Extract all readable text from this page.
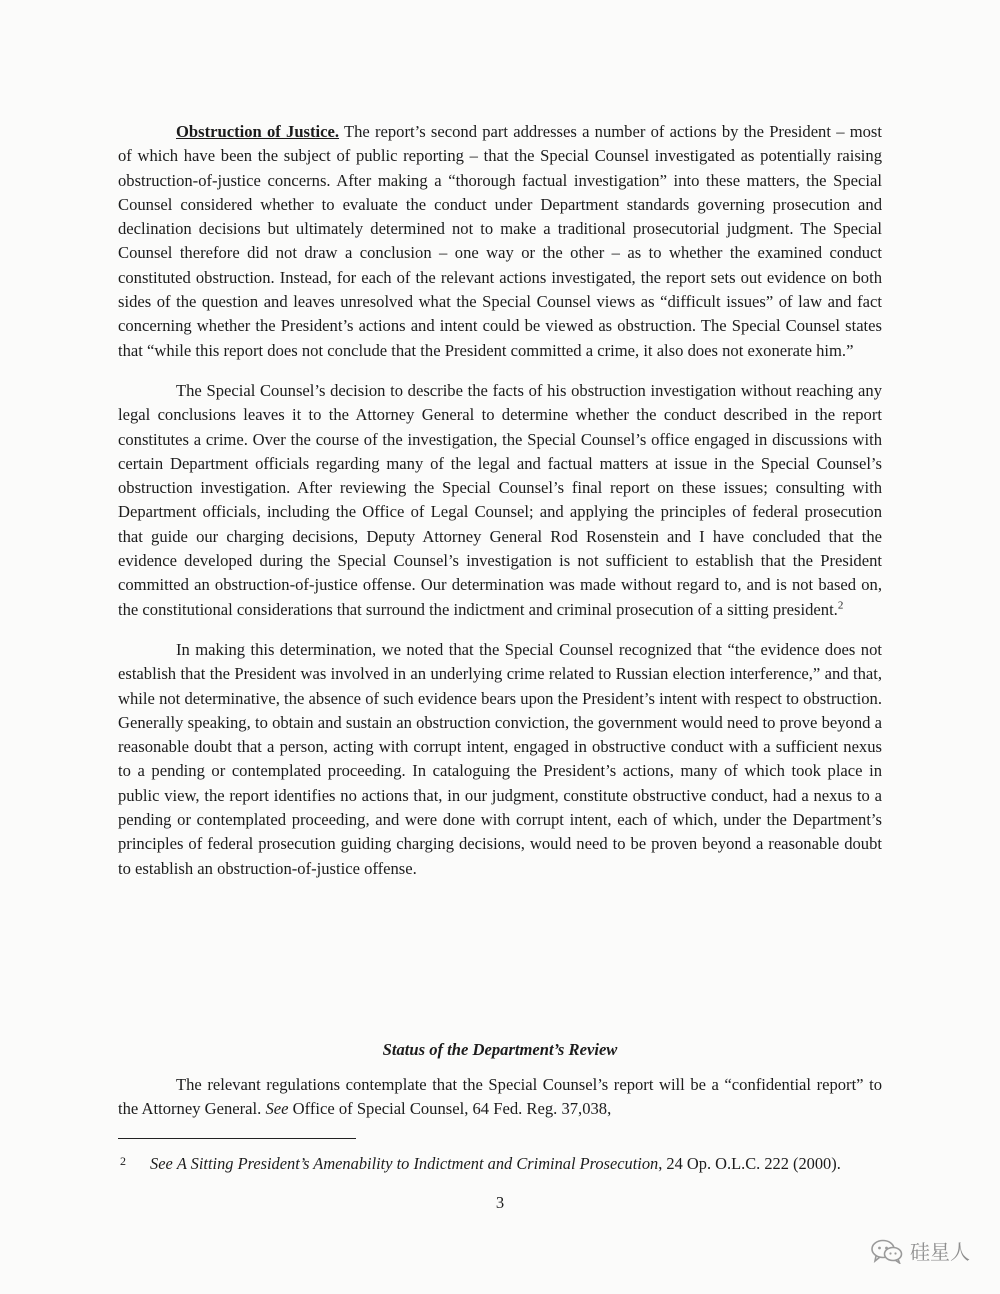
Obstruction of Justice. The report’s second part addresses a number of actions by the President – most of which have been the subject of public reporting – that the Special Counsel investigated as potentially raising obstruction-of-justice concerns. After making a “thorough factual investigation” into these matters, the Special Counsel considered whether to evaluate the conduct under Department standards governing prosecution and declination decisions but ultimately determined not to make a traditional prosecutorial judgment. The Special Counsel therefore did not draw a conclusion – one way or the other – as to whether the examined conduct constituted obstruction. Instead, for each of the relevant actions investigated, the report sets out evidence on both sides of the question and leaves unresolved what the Special Counsel views as “difficult issues” of law and fact concerning whether the President’s actions and intent could be viewed as obstruction. The Special Counsel states that “while this report does not conclude that the President committed a crime, it also does not exonerate him.”

The Special Counsel’s decision to describe the facts of his obstruction investigation without reaching any legal conclusions leaves it to the Attorney General to determine whether the conduct described in the report constitutes a crime. Over the course of the investigation, the Special Counsel’s office engaged in discussions with certain Department officials regarding many of the legal and factual matters at issue in the Special Counsel’s obstruction investigation. After reviewing the Special Counsel’s final report on these issues; consulting with Department officials, including the Office of Legal Counsel; and applying the principles of federal prosecution that guide our charging decisions, Deputy Attorney General Rod Rosenstein and I have concluded that the evidence developed during the Special Counsel’s investigation is not sufficient to establish that the President committed an obstruction-of-justice offense. Our determination was made without regard to, and is not based on, the constitutional considerations that surround the indictment and criminal prosecution of a sitting president.$^2$

In making this determination, we noted that the Special Counsel recognized that “the evidence does not establish that the President was involved in an underlying crime related to Russian election interference,” and that, while not determinative, the absence of such evidence bears upon the President’s intent with respect to obstruction. Generally speaking, to obtain and sustain an obstruction conviction, the government would need to prove beyond a reasonable doubt that a person, acting with corrupt intent, engaged in obstructive conduct with a sufficient nexus to a pending or contemplated proceeding. In cataloguing the President’s actions, many of which took place in public view, the report identifies no actions that, in our judgment, constitute obstructive conduct, had a nexus to a pending or contemplated proceeding, and were done with corrupt intent, each of which, under the Department’s principles of federal prosecution guiding charging decisions, would need to be proven beyond a reasonable doubt to establish an obstruction-of-justice offense.

Status of the Department’s Review

The relevant regulations contemplate that the Special Counsel’s report will be a “confidential report” to the Attorney General. See Office of Special Counsel, 64 Fed. Reg. 37,038,

2	See A Sitting President’s Amenability to Indictment and Criminal Prosecution, 24 Op. O.L.C. 222 (2000).
3
硅星人
